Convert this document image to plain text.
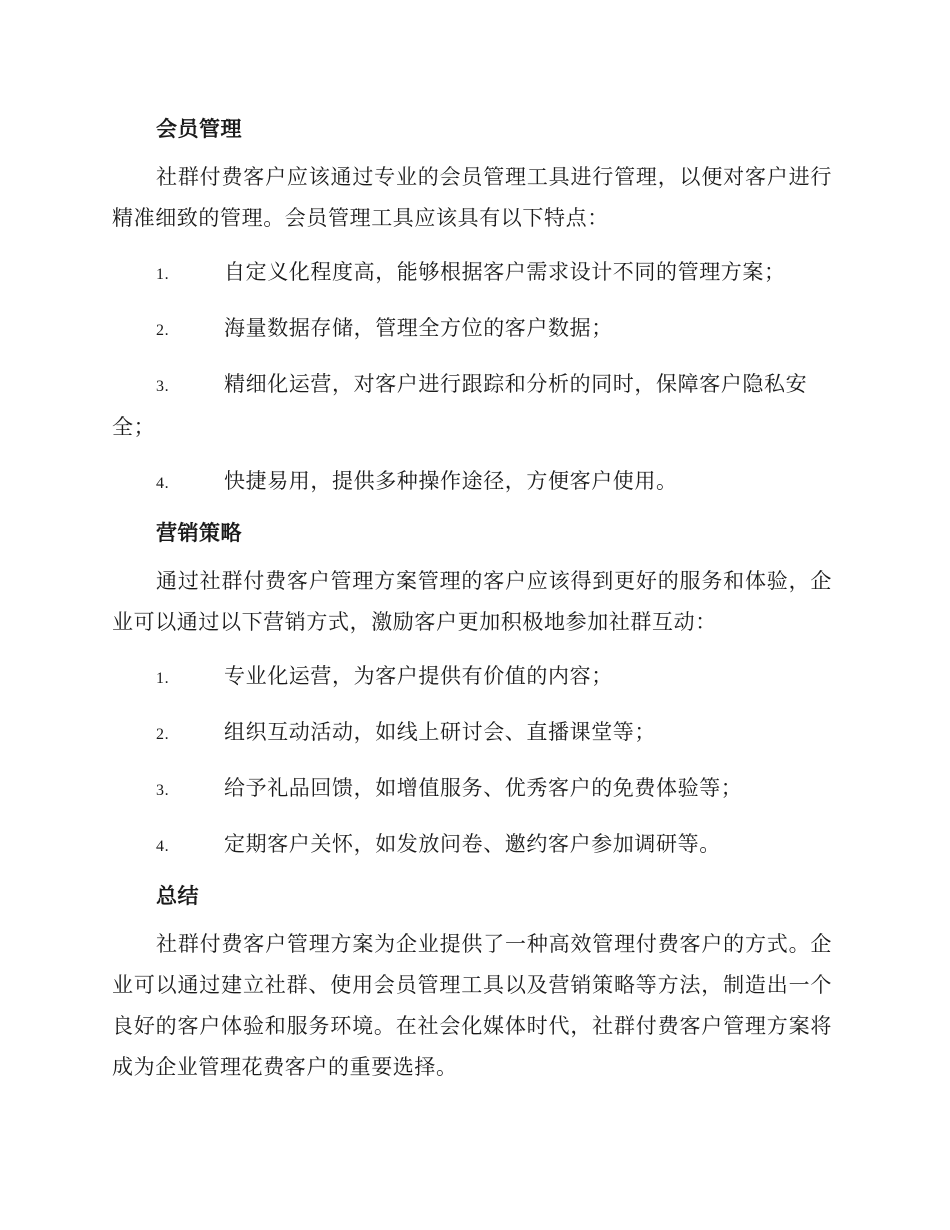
会员管理

社群付费客户应该通过专业的会员管理工具进行管理，以便对客户进行精准细致的管理。会员管理工具应该具有以下特点：

1.	自定义化程度高，能够根据客户需求设计不同的管理方案；
2.	海量数据存储，管理全方位的客户数据；
3.	精细化运营，对客户进行跟踪和分析的同时，保障客户隐私安全；
4.	快捷易用，提供多种操作途径，方便客户使用。
营销策略

通过社群付费客户管理方案管理的客户应该得到更好的服务和体验，企业可以通过以下营销方式，激励客户更加积极地参加社群互动：

1.	专业化运营，为客户提供有价值的内容；
2.	组织互动活动，如线上研讨会、直播课堂等；
3.	给予礼品回馈，如增值服务、优秀客户的免费体验等；
4.	定期客户关怀，如发放问卷、邀约客户参加调研等。
总结

社群付费客户管理方案为企业提供了一种高效管理付费客户的方式。企业可以通过建立社群、使用会员管理工具以及营销策略等方法，制造出一个良好的客户体验和服务环境。在社会化媒体时代，社群付费客户管理方案将成为企业管理花费客户的重要选择。
